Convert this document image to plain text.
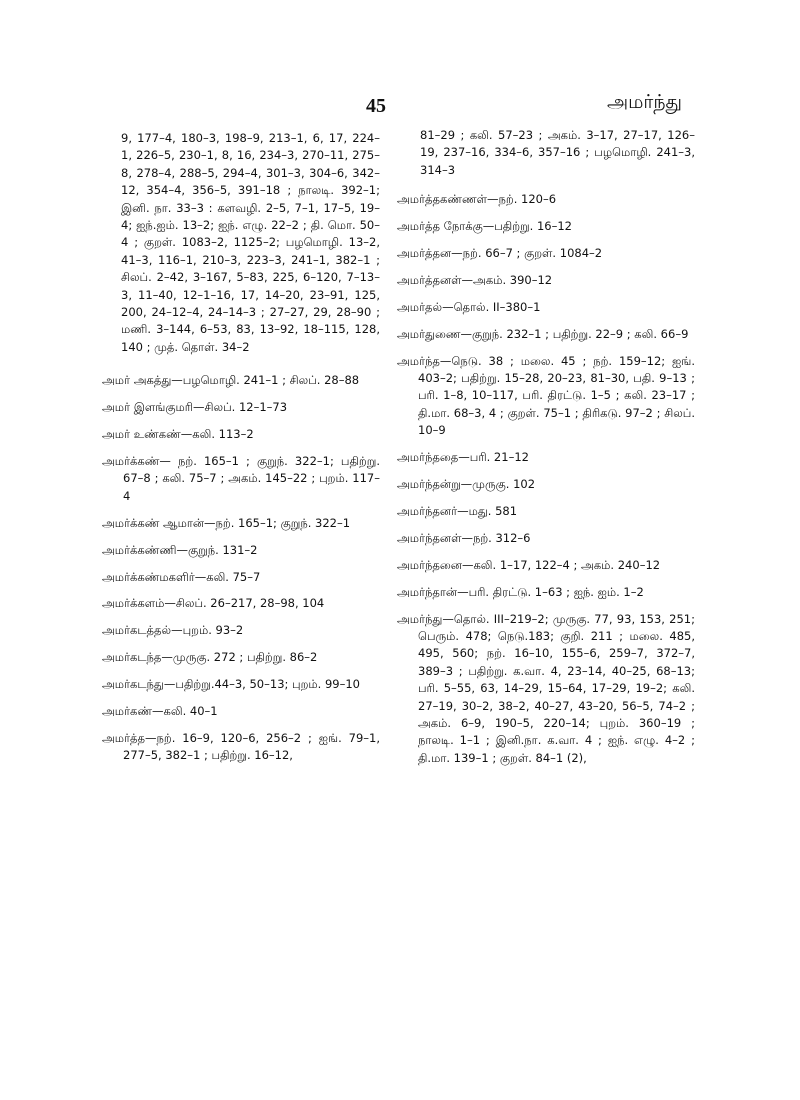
45	அமர்ந்து

9, 177–4, 180–3, 198–9, 213–1, 6, 17, 224–1, 226–5, 230–1, 8, 16, 234–3, 270–11, 275–8, 278–4, 288–5, 294–4, 301–3, 304–6, 342–12, 354–4, 356–5, 391–18 ; நாலடி. 392–1; இனி. நா. 33–3 : களவழி. 2–5, 7–1, 17–5, 19–4; ஐந்.ஐம். 13–2; ஐந். எழு. 22–2 ; தி. மொ. 50–4 ; குறள். 1083–2, 1125–2; பழமொழி. 13–2, 41–3, 116–1, 210–3, 223–3, 241–1, 382–1 ; சிலப். 2–42, 3–167, 5–83, 225, 6–120, 7–13–3, 11–40, 12–1–16, 17, 14–20, 23–91, 125, 200, 24–12–4, 24–14–3 ; 27–27, 29, 28–90 ; மணி. 3–144, 6–53, 83, 13–92, 18–115, 128, 140 ; முத். தொள். 34–2

அமர் அகத்து—பழமொழி. 241–1 ; சிலப். 28–88

அமர் இளங்குமரி—சிலப். 12–1–73

அமர் உண்கண்—கலி. 113–2

அமர்க்கண்— நற். 165–1 ; குறுந். 322–1; பதிற்று. 67–8 ; கலி. 75–7 ; அகம். 145–22 ; புறம். 117–4

அமர்க்கண் ஆமான்—நற். 165–1; குறுந். 322–1

அமர்க்கண்ணி—குறுந். 131–2

அமர்க்கண்மகளிர்—கலி. 75–7

அமர்க்களம்—சிலப். 26–217, 28–98, 104

அமர்கடத்தல்—புறம். 93–2

அமர்கடந்த—முருகு. 272 ; பதிற்று. 86–2

அமர்கடந்து—பதிற்று.44–3, 50–13; புறம். 99–10

அமர்கண்—கலி. 40–1

அமர்த்த—நற். 16–9, 120–6, 256–2 ; ஐங். 79–1, 277–5, 382–1 ; பதிற்று. 16–12,

81–29 ; கலி. 57–23 ; அகம். 3–17, 27–17, 126–19, 237–16, 334–6, 357–16 ; பழமொழி. 241–3, 314–3

அமர்த்தகண்ணள்—நற். 120–6

அமர்த்த நோக்கு—பதிற்று. 16–12

அமர்த்தன—நற். 66–7 ; குறள். 1084–2

அமர்த்தனள்—அகம். 390–12

அமர்தல்—தொல். II–380–1

அமர்துணை—குறுந். 232–1 ; பதிற்று. 22–9 ; கலி. 66–9

அமர்ந்த—நெடு. 38 ; மலை. 45 ; நற். 159–12; ஐங். 403–2; பதிற்று. 15–28, 20–23, 81–30, பதி. 9–13 ; பரி. 1–8, 10–117, பரி. திரட்டு. 1–5 ; கலி. 23–17 ; தி.மா. 68–3, 4 ; குறள். 75–1 ; திரிகடு. 97–2 ; சிலப். 10–9

அமர்ந்ததை—பரி. 21–12

அமர்ந்தன்று—முருகு. 102

அமர்ந்தனர்—மது. 581

அமர்ந்தனள்—நற். 312–6

அமர்ந்தனை—கலி. 1–17, 122–4 ; அகம். 240–12

அமர்ந்தான்—பரி. திரட்டு. 1–63 ; ஐந். ஐம். 1–2

அமர்ந்து—தொல். III–219–2; முருகு. 77, 93, 153, 251; பெரும். 478; நெடு.183; குறி. 211 ; மலை. 485, 495, 560; நற். 16–10, 155–6, 259–7, 372–7, 389–3 ; பதிற்று. க.வா. 4, 23–14, 40–25, 68–13; பரி. 5–55, 63, 14–29, 15–64, 17–29, 19–2; கலி. 27–19, 30–2, 38–2, 40–27, 43–20, 56–5, 74–2 ; அகம். 6–9, 190–5, 220–14; புறம். 360–19 ; நாலடி. 1–1 ; இனி.நா. க.வா. 4 ; ஐந். எழு. 4–2 ; தி.மா. 139–1 ; குறள். 84–1 (2),
